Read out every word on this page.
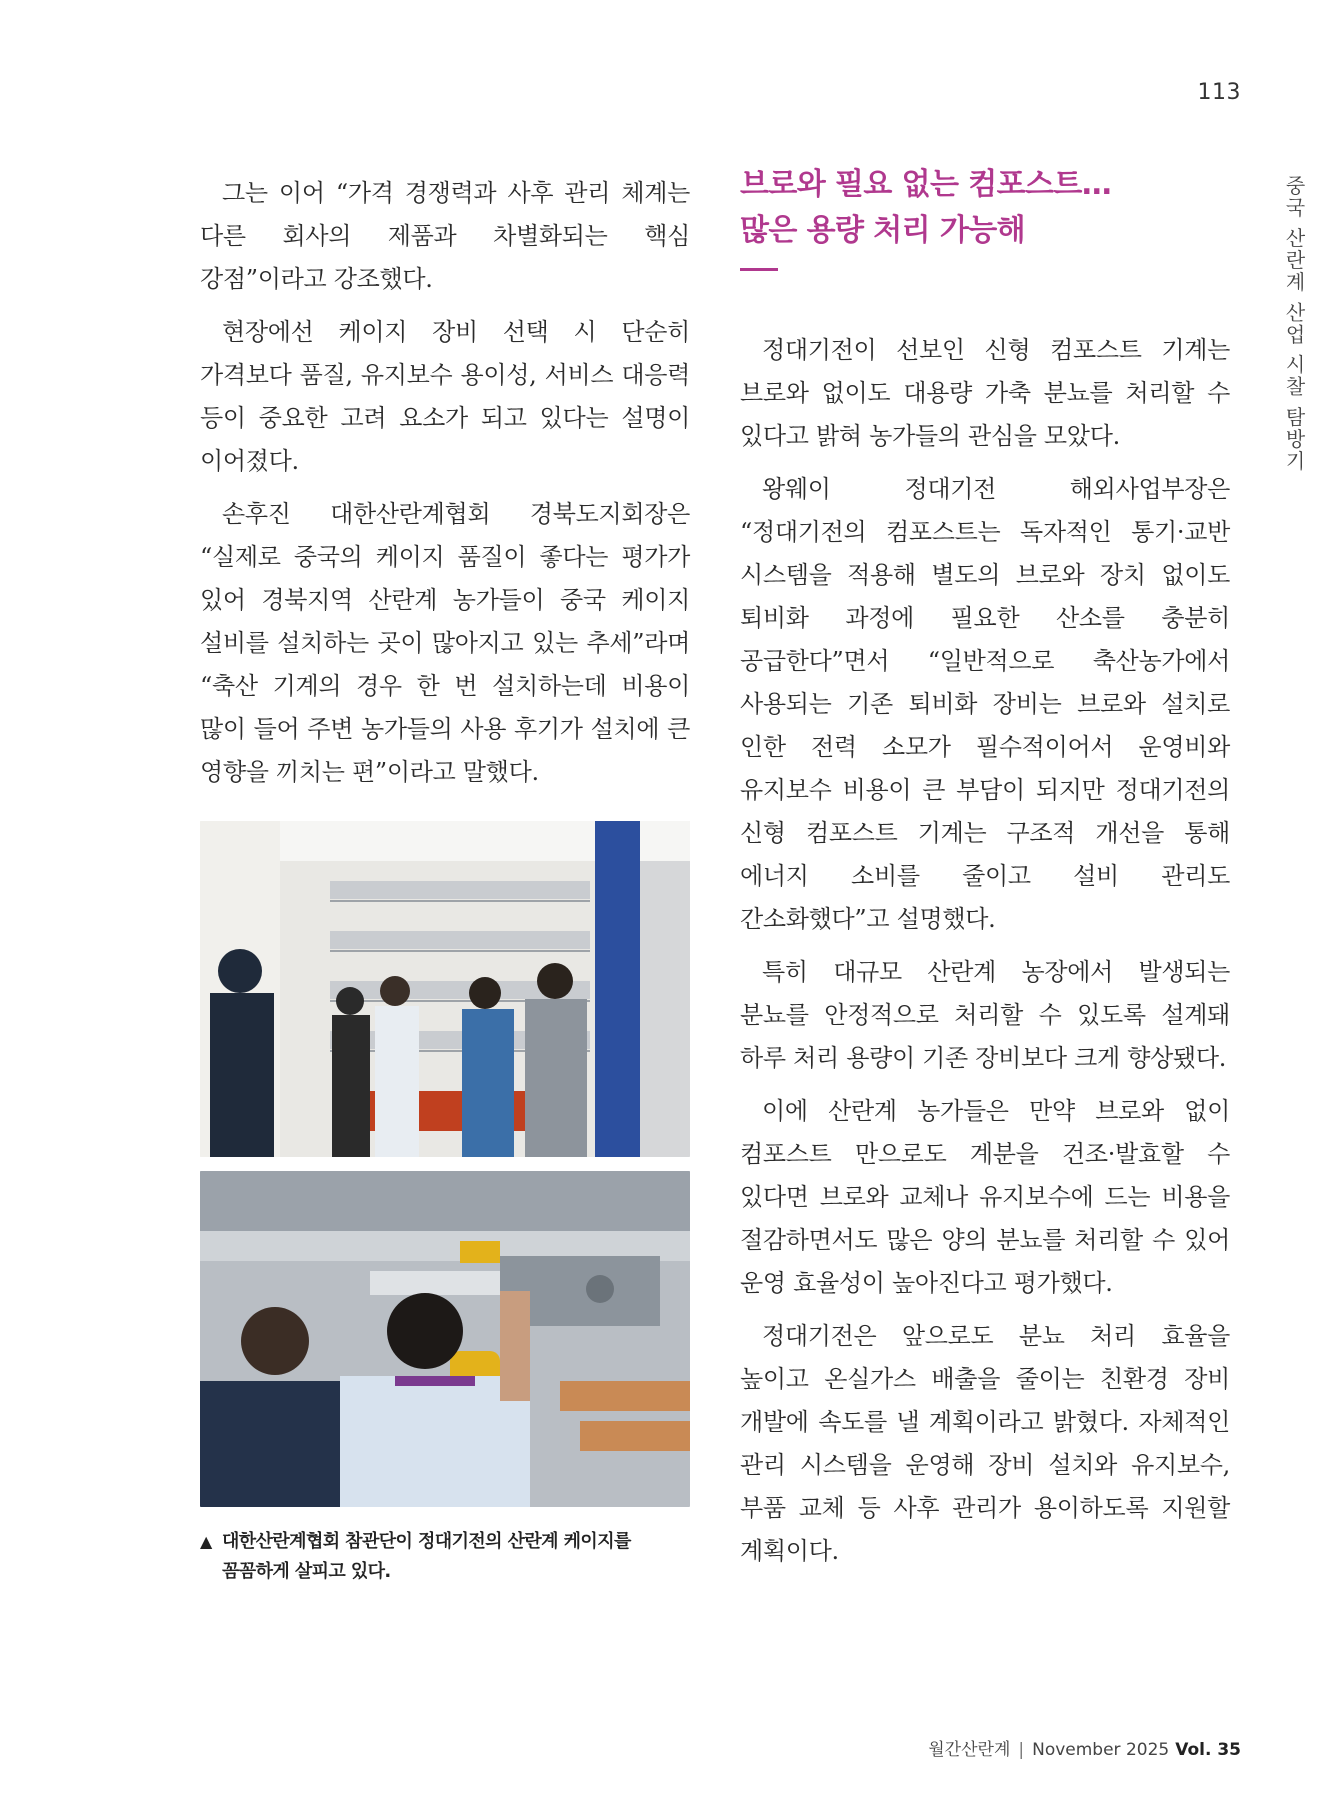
113
중국 산란계 산업 시찰 탐방기

그는 이어 “가격 경쟁력과 사후 관리 체계는 다른 회사의 제품과 차별화되는 핵심 강점”이라고 강조했다.

현장에선 케이지 장비 선택 시 단순히 가격보다 품질, 유지보수 용이성, 서비스 대응력 등이 중요한 고려 요소가 되고 있다는 설명이 이어졌다.

손후진 대한산란계협회 경북도지회장은 “실제로 중국의 케이지 품질이 좋다는 평가가 있어 경북지역 산란계 농가들이 중국 케이지 설비를 설치하는 곳이 많아지고 있는 추세”라며 “축산 기계의 경우 한 번 설치하는데 비용이 많이 들어 주변 농가들의 사용 후기가 설치에 큰 영향을 끼치는 편”이라고 말했다.

▲ 대한산란계협회 참관단이 정대기전의 산란계 케이지를
꼼꼼하게 살피고 있다.
브로와 필요 없는 컴포스트…
많은 용량 처리 가능해

정대기전이 선보인 신형 컴포스트 기계는 브로와 없이도 대용량 가축 분뇨를 처리할 수 있다고 밝혀 농가들의 관심을 모았다.

왕웨이 정대기전 해외사업부장은 “정대기전의 컴포스트는 독자적인 통기·교반 시스템을 적용해 별도의 브로와 장치 없이도 퇴비화 과정에 필요한 산소를 충분히 공급한다”면서 “일반적으로 축산농가에서 사용되는 기존 퇴비화 장비는 브로와 설치로 인한 전력 소모가 필수적이어서 운영비와 유지보수 비용이 큰 부담이 되지만 정대기전의 신형 컴포스트 기계는 구조적 개선을 통해 에너지 소비를 줄이고 설비 관리도 간소화했다”고 설명했다.

특히 대규모 산란계 농장에서 발생되는 분뇨를 안정적으로 처리할 수 있도록 설계돼 하루 처리 용량이 기존 장비보다 크게 향상됐다.

이에 산란계 농가들은 만약 브로와 없이 컴포스트 만으로도 계분을 건조·발효할 수 있다면 브로와 교체나 유지보수에 드는 비용을 절감하면서도 많은 양의 분뇨를 처리할 수 있어 운영 효율성이 높아진다고 평가했다.

정대기전은 앞으로도 분뇨 처리 효율을 높이고 온실가스 배출을 줄이는 친환경 장비 개발에 속도를 낼 계획이라고 밝혔다. 자체적인 관리 시스템을 운영해 장비 설치와 유지보수, 부품 교체 등 사후 관리가 용이하도록 지원할 계획이다.

월간산란계 | November 2025 Vol. 35
